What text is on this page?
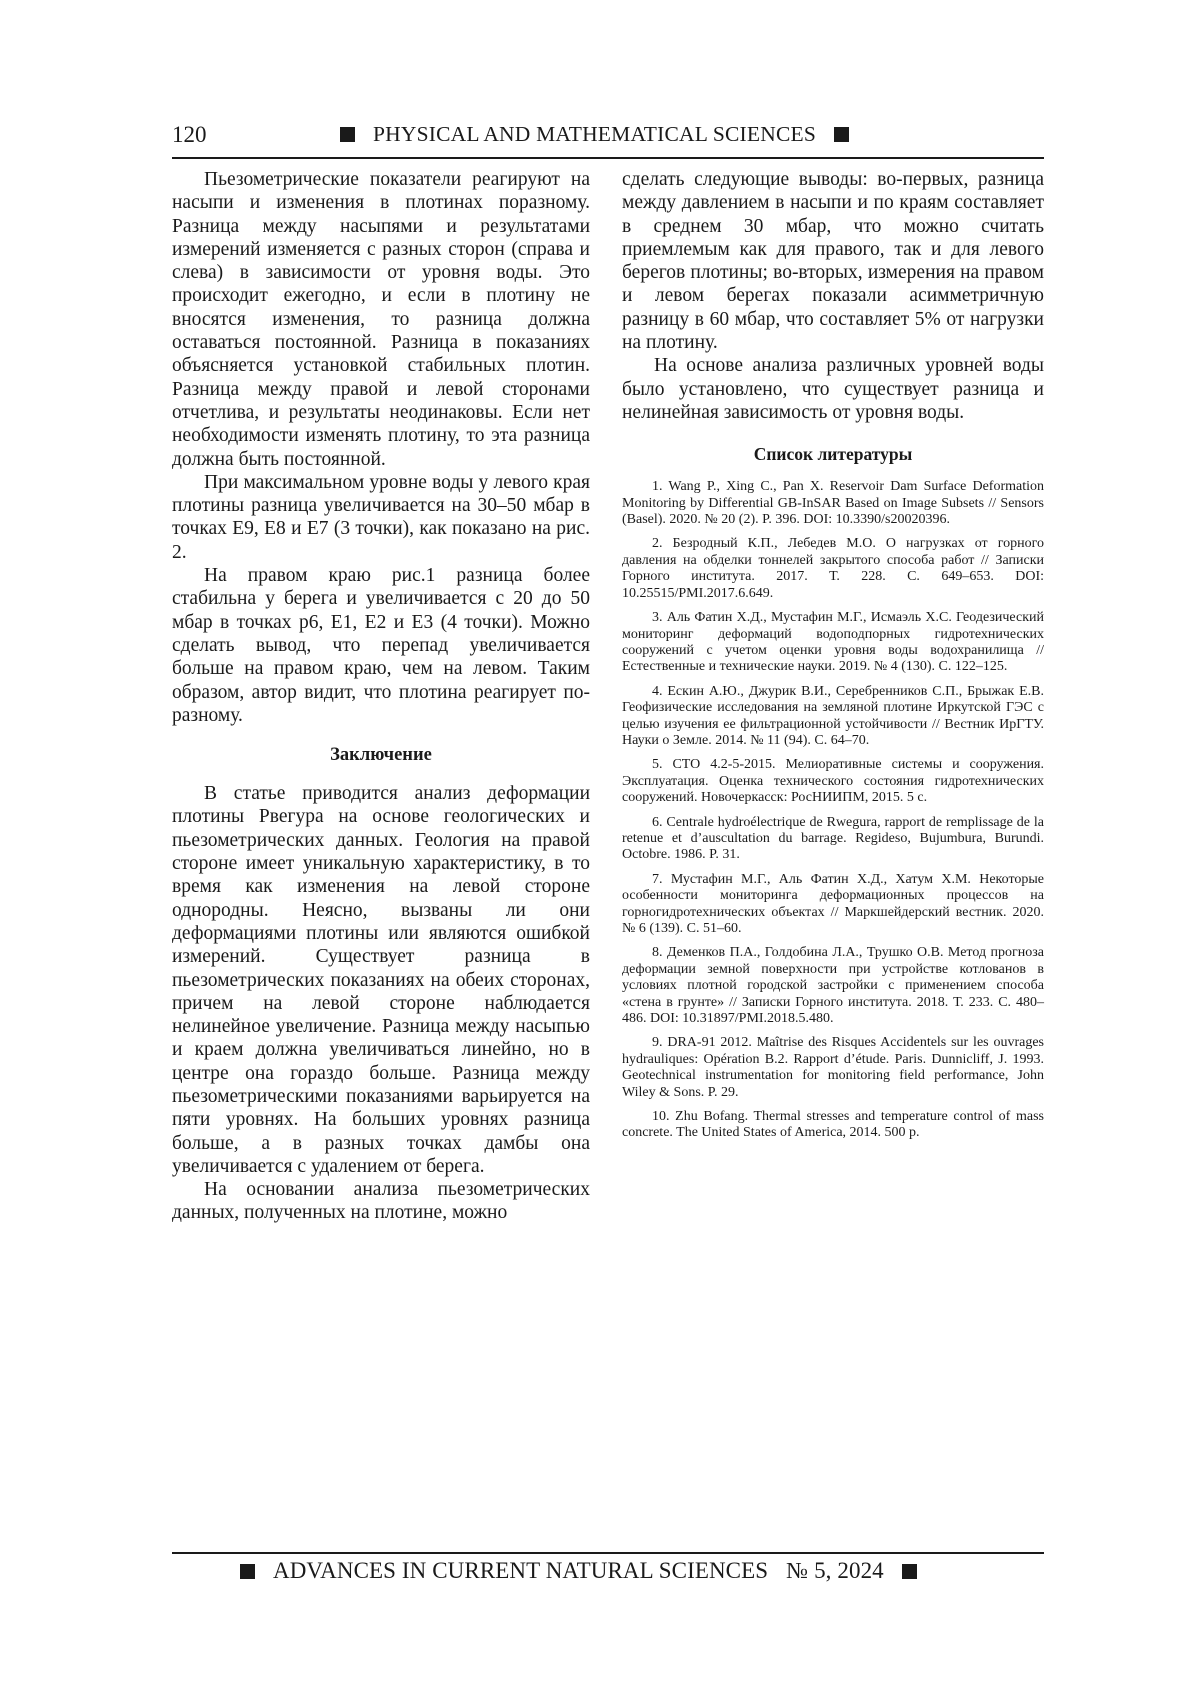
120	PHYSICAL AND MATHEMATICAL SCIENCES

Пьезометрические показатели реагируют на насыпи и изменения в плотинах поразному. Разница между насыпями и результатами измерений изменяется с разных сторон (справа и слева) в зависимости от уровня воды. Это происходит ежегодно, и если в плотину не вносятся изменения, то разница должна оставаться постоянной. Разница в показаниях объясняется установкой стабильных плотин. Разница между правой и левой сторонами отчетлива, и результаты неодинаковы. Если нет необходимости изменять плотину, то эта разница должна быть постоянной.

При максимальном уровне воды у левого края плотины разница увеличивается на 30–50 мбар в точках E9, E8 и E7 (3 точки), как показано на рис. 2.

На правом краю рис.1 разница более стабильна у берега и увеличивается с 20 до 50 мбар в точках p6, E1, E2 и E3 (4 точки). Можно сделать вывод, что перепад увеличивается больше на правом краю, чем на левом. Таким образом, автор видит, что плотина реагирует по-разному.

Заключение

В статье приводится анализ деформации плотины Рвегура на основе геологических и пьезометрических данных. Геология на правой стороне имеет уникальную характеристику, в то время как изменения на левой стороне однородны. Неясно, вызваны ли они деформациями плотины или являются ошибкой измерений. Существует разница в пьезометрических показаниях на обеих сторонах, причем на левой стороне наблюдается нелинейное увеличение. Разница между насыпью и краем должна увеличиваться линейно, но в центре она гораздо больше. Разница между пьезометрическими показаниями варьируется на пяти уровнях. На больших уровнях разница больше, а в разных точках дамбы она увеличивается с удалением от берега.

На основании анализа пьезометрических данных, полученных на плотине, можно

сделать следующие выводы: во-первых, разница между давлением в насыпи и по краям составляет в среднем 30 мбар, что можно считать приемлемым как для правого, так и для левого берегов плотины; во-вторых, измерения на правом и левом берегах показали асимметричную разницу в 60 мбар, что составляет 5% от нагрузки на плотину.

На основе анализа различных уровней воды было установлено, что существует разница и нелинейная зависимость от уровня воды.

Список литературы

1. Wang P., Xing C., Pan X. Reservoir Dam Surface Deformation Monitoring by Differential GB-InSAR Based on Image Subsets // Sensors (Basel). 2020. № 20 (2). P. 396. DOI: 10.3390/s20020396.

2. Безродный К.П., Лебедев М.О. О нагрузках от горного давления на обделки тоннелей закрытого способа работ // Записки Горного института. 2017. Т. 228. С. 649–653. DOI: 10.25515/PMI.2017.6.649.

3. Аль Фатин Х.Д., Мустафин М.Г., Исмаэль Х.С. Геодезический мониторинг деформаций водоподпорных гидротехнических сооружений с учетом оценки уровня воды водохранилища // Естественные и технические науки. 2019. № 4 (130). С. 122–125.

4. Ескин А.Ю., Джурик В.И., Серебренников С.П., Брыжак Е.В. Геофизические исследования на земляной плотине Иркутской ГЭС с целью изучения ее фильтрационной устойчивости // Вестник ИрГТУ. Науки о Земле. 2014. № 11 (94). С. 64–70.

5. СТО 4.2-5-2015. Мелиоративные системы и сооружения. Эксплуатация. Оценка технического состояния гидротехнических сооружений. Новочеркасск: РосНИИПМ, 2015. 5 с.

6. Centrale hydroélectrique de Rwegura, rapport de remplissage de la retenue et d’auscultation du barrage. Regideso, Bujumbura, Burundi. Octobre. 1986. P. 31.

7. Мустафин М.Г., Аль Фатин Х.Д., Хатум Х.М. Некоторые особенности мониторинга деформационных процессов на горногидротехнических объектах // Маркшейдерский вестник. 2020. № 6 (139). С. 51–60.

8. Деменков П.А., Голдобина Л.А., Трушко О.В. Метод прогноза деформации земной поверхности при устройстве котлованов в условиях плотной городской застройки с применением способа «стена в грунте» // Записки Горного института. 2018. Т. 233. С. 480–486. DOI: 10.31897/PMI.2018.5.480.

9. DRA-91 2012. Maîtrise des Risques Accidentels sur les ouvrages hydrauliques: Opération B.2. Rapport d’étude. Paris. Dunnicliff, J. 1993. Geotechnical instrumentation for monitoring field performance, John Wiley & Sons. P. 29.

10. Zhu Bofang. Thermal stresses and temperature control of mass concrete. The United States of America, 2014. 500 p.

ADVANCES IN CURRENT NATURAL SCIENCES № 5, 2024
